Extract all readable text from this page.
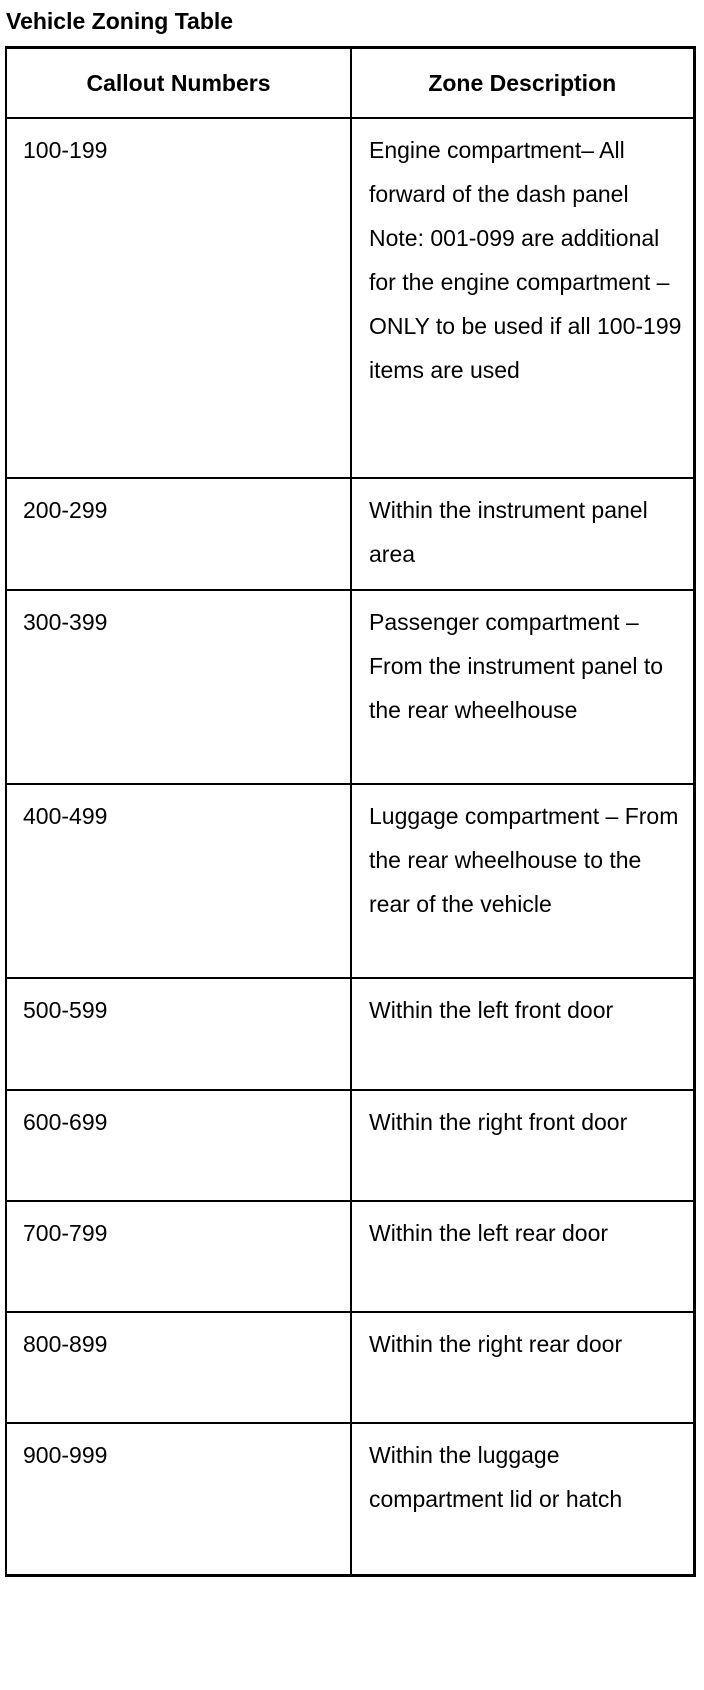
Vehicle Zoning Table
Callout Numbers	Zone Description
100-199	Engine compartment– All forward of the dash panel Note: 001-099 are additional for the engine compartment – ONLY to be used if all 100-199 items are used
200-299	Within the instrument panel area
300-399	Passenger compartment – From the instrument panel to the rear wheelhouse
400-499	Luggage compartment – From the rear wheelhouse to the rear of the vehicle
500-599	Within the left front door
600-699	Within the right front door
700-799	Within the left rear door
800-899	Within the right rear door
900-999	Within the luggage compartment lid or hatch
